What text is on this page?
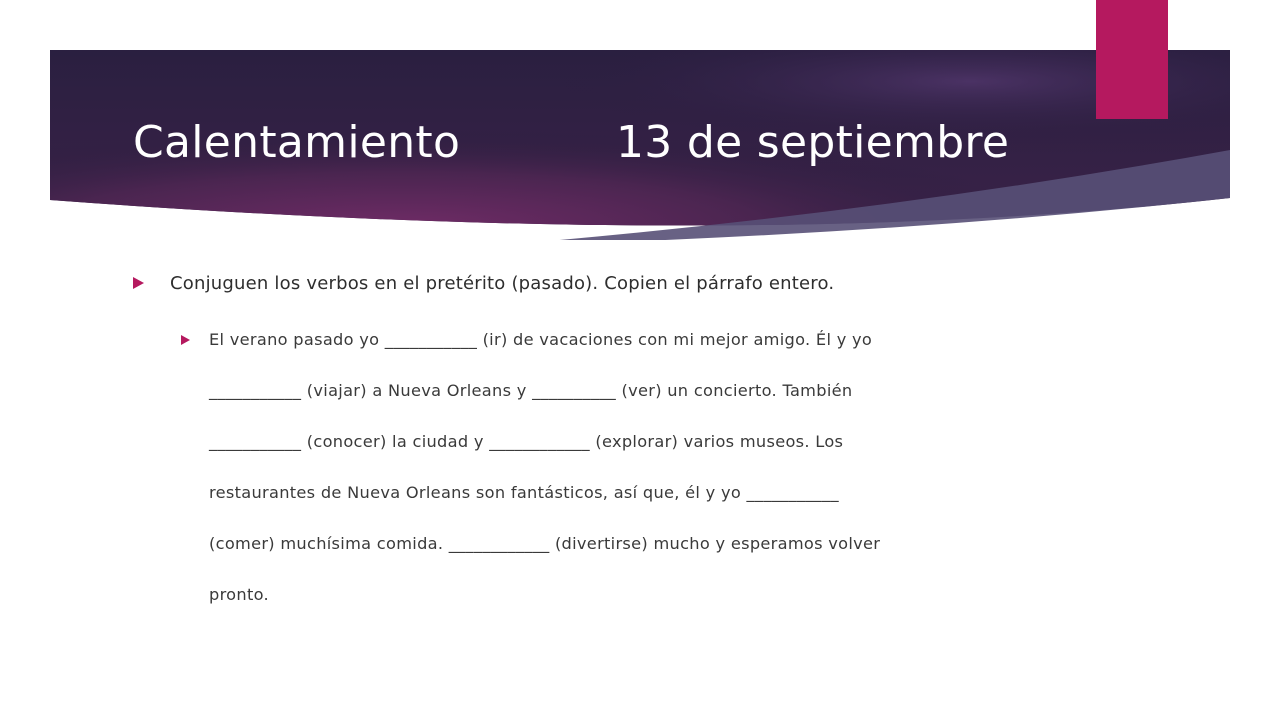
Calentamiento	13 de septiembre
Conjuguen los verbos en el pretérito (pasado). Copien el párrafo entero.
El verano pasado yo ___________ (ir) de vacaciones con mi mejor amigo. Él y yo
___________ (viajar) a Nueva Orleans y __________ (ver) un concierto. También
___________ (conocer) la ciudad y ____________ (explorar) varios museos. Los
restaurantes de Nueva Orleans son fantásticos, así que, él y yo ___________
(comer) muchísima comida. ____________ (divertirse) mucho y esperamos volver
pronto.
